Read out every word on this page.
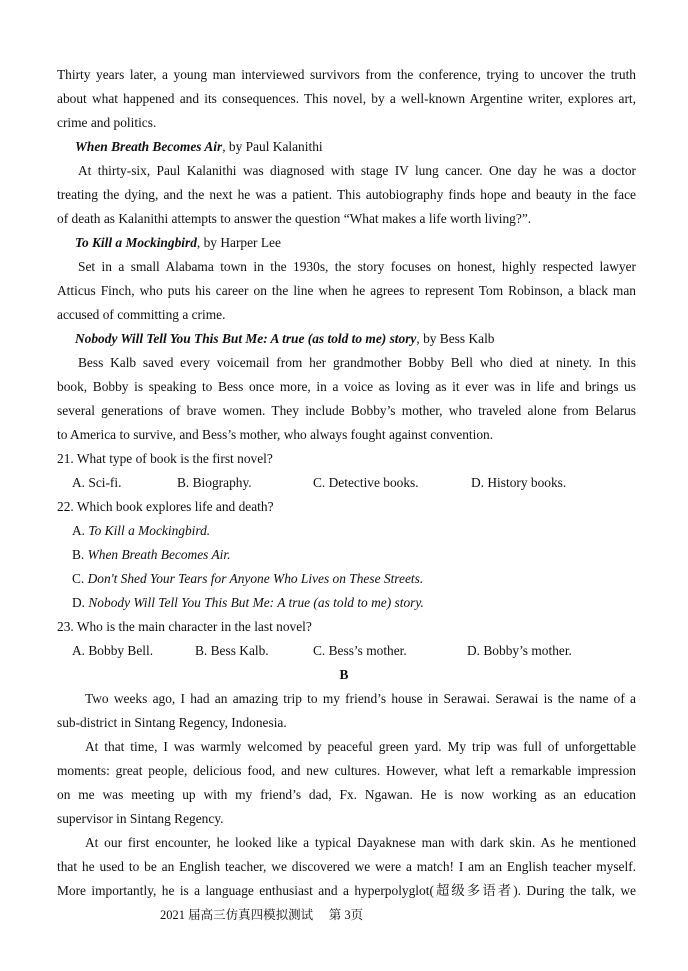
Thirty years later, a young man interviewed survivors from the conference, trying to uncover the truth
about what happened and its consequences. This novel, by a well-known Argentine writer, explores art,
crime and politics.
When Breath Becomes Air, by Paul Kalanithi
At thirty-six, Paul Kalanithi was diagnosed with stage IV lung cancer. One day he was a doctor
treating the dying, and the next he was a patient. This autobiography finds hope and beauty in the face
of death as Kalanithi attempts to answer the question “What makes a life worth living?”.
To Kill a Mockingbird, by Harper Lee
Set in a small Alabama town in the 1930s, the story focuses on honest, highly respected lawyer
Atticus Finch, who puts his career on the line when he agrees to represent Tom Robinson, a black man
accused of committing a crime.
Nobody Will Tell You This But Me: A true (as told to me) story, by Bess Kalb
Bess Kalb saved every voicemail from her grandmother Bobby Bell who died at ninety. In this
book, Bobby is speaking to Bess once more, in a voice as loving as it ever was in life and brings us
several generations of brave women. They include Bobby’s mother, who traveled alone from Belarus
to America to survive, and Bess’s mother, who always fought against convention.
21. What type of book is the first novel?
A. Sci-fi.	B. Biography.	C. Detective books.	D. History books.
22. Which book explores life and death?
A. To Kill a Mockingbird.
B. When Breath Becomes Air.
C. Don't Shed Your Tears for Anyone Who Lives on These Streets.
D. Nobody Will Tell You This But Me: A true (as told to me) story.
23. Who is the main character in the last novel?
A. Bobby Bell.	B. Bess Kalb.	C. Bess’s mother.	D. Bobby’s mother.
B
Two weeks ago, I had an amazing trip to my friend’s house in Serawai. Serawai is the name of a
sub-district in Sintang Regency, Indonesia.
At that time, I was warmly welcomed by peaceful green yard. My trip was full of unforgettable
moments: great people, delicious food, and new cultures. However, what left a remarkable impression
on me was meeting up with my friend’s dad, Fx. Ngawan. He is now working as an education
supervisor in Sintang Regency.
At our first encounter, he looked like a typical Dayaknese man with dark skin. As he mentioned
that he used to be an English teacher, we discovered we were a match! I am an English teacher myself.
More importantly, he is a language enthusiast and a hyperpolyglot(超级多语者). During the talk, we
2021 届高三仿真四模拟测试　 第 3页
